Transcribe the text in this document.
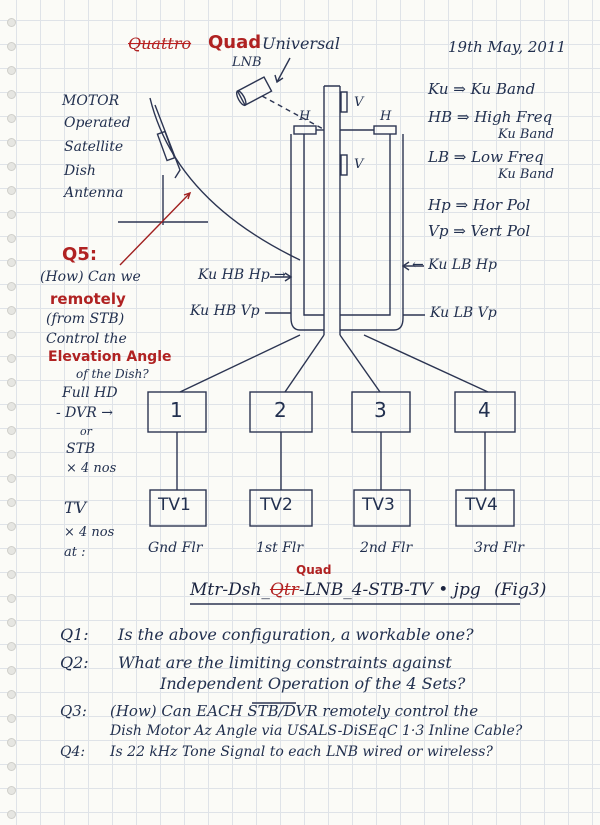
Quattro Quad Universal
LNB
19th May, 2011
Ku ⇒ Ku Band
HB ⇒ High Freq
Ku Band
LB ⇒ Low Freq
Ku Band
Hp ⇒ Hor Pol
Vp ⇒ Vert Pol
MOTOR
Operated
Satellite
Dish
Antenna
Q5:
(How) Can we
remotely
(from STB)
Control the
Elevation Angle
of the Dish?
V
V
H	H
Ku HB Hp →
Ku HB Vp
← Ku LB Hp
Ku LB Vp
Full HD
- DVR →
or
STB
× 4 nos
TV
× 4 nos
at :
1	2	3	4
TV1	TV2	TV3	TV4
Gnd Flr	1st Flr	2nd Flr	3rd Flr
Quad
Mtr-Dsh_Qtr-LNB_4-STB-TV • jpg (Fig3)
Q1: Is the above configuration, a workable one?
Q2: What are the limiting constraints against
Independent Operation of the 4 Sets?
Q3: (How) Can EACH STB/DVR remotely control the
Dish Motor Az Angle via USALS-DiSEqC 1·3 Inline Cable?
Q4: Is 22 kHz Tone Signal to each LNB wired or wireless?
